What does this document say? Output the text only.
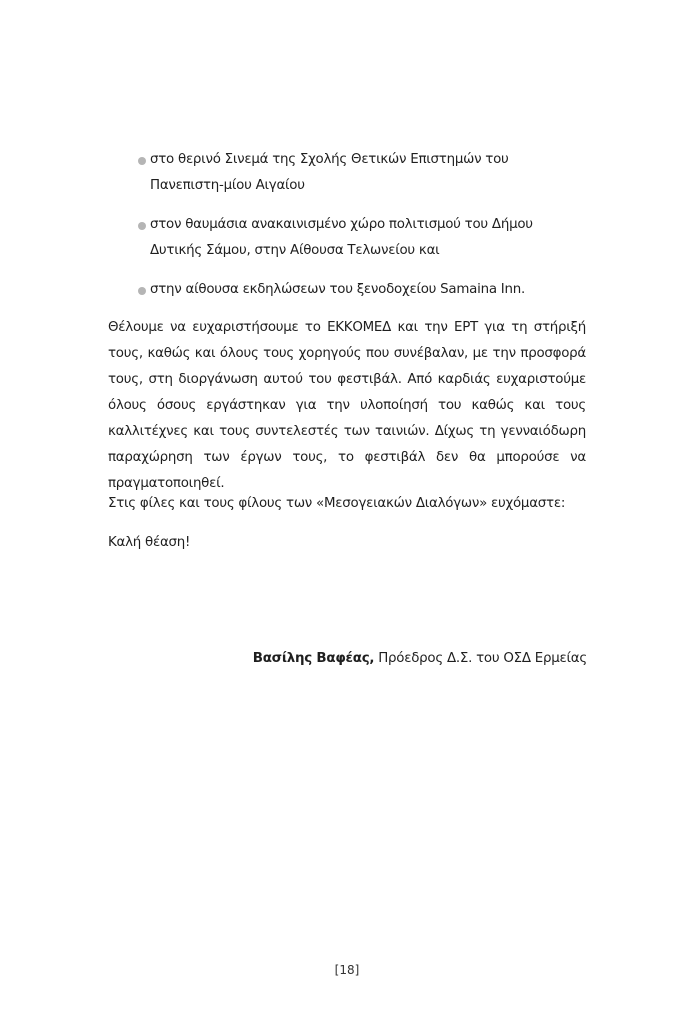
στο θερινό Σινεμά της Σχολής Θετικών Επιστημών του Πανεπιστη-μίου Αιγαίου
στον θαυμάσια ανακαινισμένο χώρο πολιτισμού του Δήμου Δυτικής Σάμου, στην Αίθουσα Τελωνείου και
στην αίθουσα εκδηλώσεων του ξενοδοχείου Samaina Inn.

Θέλουμε να ευχαριστήσουμε το ΕΚΚΟΜΕΔ και την ΕΡΤ για τη στήριξή τους, καθώς και όλους τους χορηγούς που συνέβαλαν, με την προσφορά τους, στη διοργάνωση αυτού του φεστιβάλ. Από καρδιάς ευχαριστούμε όλους όσους εργάστηκαν για την υλοποίησή του καθώς και τους καλλιτέχνες και τους συντελεστές των ταινιών. Δίχως τη γενναιόδωρη παραχώρηση των έργων τους, το φεστιβάλ δεν θα μπορούσε να πραγματοποιηθεί.

Στις φίλες και τους φίλους των «Μεσογειακών Διαλόγων» ευχόμαστε:

Καλή θέαση!

Βασίλης Βαφέας, Πρόεδρος Δ.Σ. του ΟΣΔ Ερμείας
[18]
